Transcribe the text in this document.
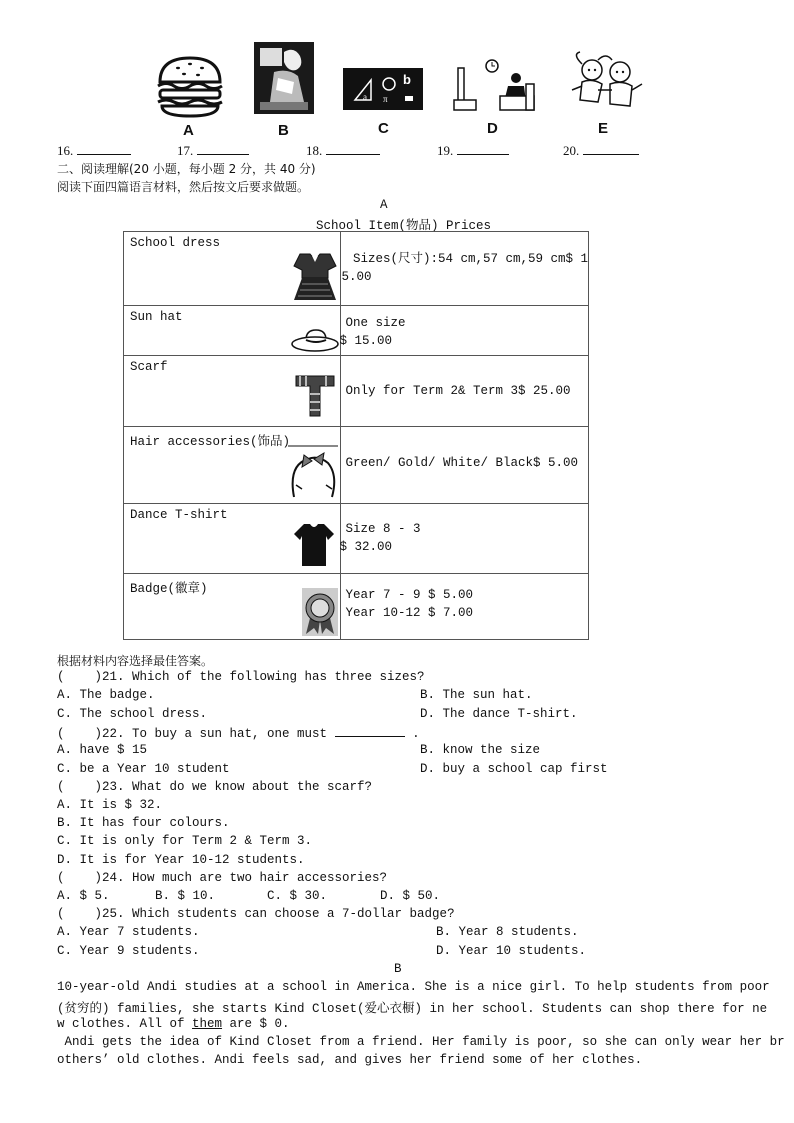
A	B
a π
b
C	D	E
16.	17.	18.	19.	20.
二、阅读理解(20 小题，每小题 2 分，共 40 分)
阅读下面四篇语言材料，然后按文后要求做题。
A
School Item(物品) Prices
School dress	Sizes(尺寸):54 cm,57 cm,59 cm$ 1
5.00

Sun hat	One size
$ 15.00

Scarf	Only for Term 2& Term 3$ 25.00

Hair accessories(饰品)	Green/ Gold/ White/ Black$ 5.00

Dance T-shirt	Size 8 - 3
$ 32.00

Badge(徽章)	Year 7 - 9 $ 5.00
Year 10-12 $ 7.00
根据材料内容选择最佳答案。
(    )21. Which of the following has three sizes?
A. The badge.	B. The sun hat.
C. The school dress.	D. The dance T-shirt.
(    )22. To buy a sun hat, one must	.
A. have $ 15	B. know the size
C. be a Year 10 student	D. buy a school cap first
(    )23. What do we know about the scarf?
A. It is $ 32.
B. It has four colours.
C. It is only for Term 2 & Term 3.
D. It is for Year 10-12 students.
(    )24. How much are two hair accessories?
A. $ 5.	B. $ 10.	C. $ 30.	D. $ 50.
(    )25. Which students can choose a 7-dollar badge?
A. Year 7 students.	B. Year 8 students.
C. Year 9 students.	D. Year 10 students.
B
10-year-old Andi studies at a school in America. She is a nice girl. To help students from poor
(贫穷的) families, she starts Kind Closet(爱心衣橱) in her school. Students can shop there for ne
w clothes. All of them are $ 0.
Andi gets the idea of Kind Closet from a friend. Her family is poor, so she can only wear her br
others’ old clothes. Andi feels sad, and gives her friend some of her clothes.
